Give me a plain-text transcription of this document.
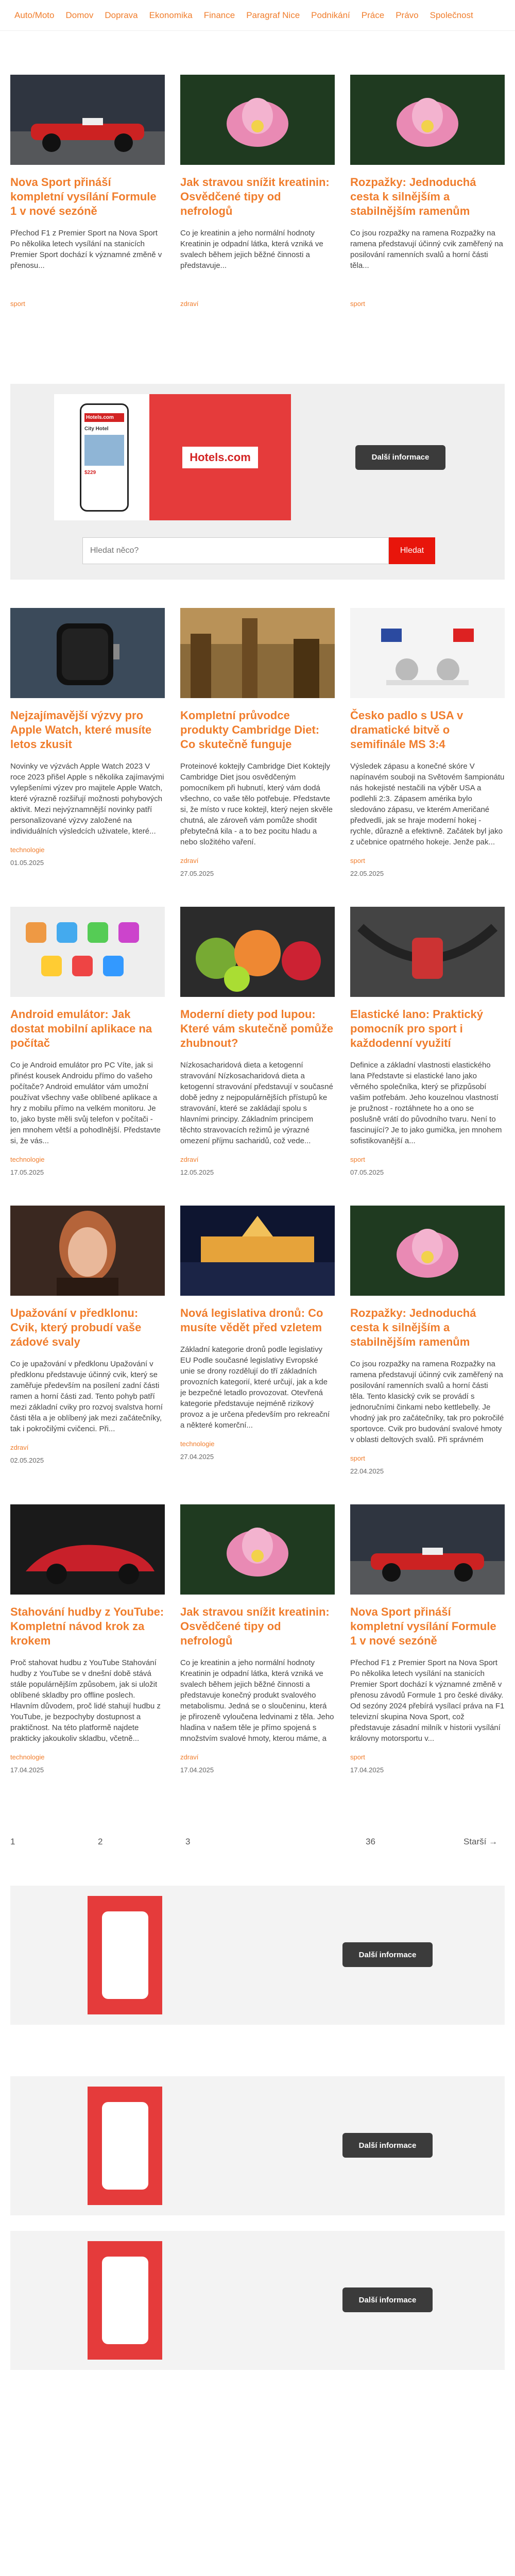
Auto/Moto Domov Doprava Ekonomika Finance Paragraf Nice Podnikání Práce Právo Společnost
Nova Sport přináší kompletní vysílání Formule 1 v nové sezóně

Přechod F1 z Premier Sport na Nova Sport Po několika letech vysílání na stanicích Premier Sport dochází k významné změně v přenosu...

sport
Jak stravou snížit kreatinin: Osvědčené tipy od nefrologů

Co je kreatinin a jeho normální hodnoty Kreatinin je odpadní látka, která vzniká ve svalech během jejich běžné činnosti a představuje...

zdraví
Rozpažky: Jednoduchá cesta k silnějším a stabilnějším ramenům

Co jsou rozpažky na ramena Rozpažky na ramena představují účinný cvik zaměřený na posilování ramenních svalů a horní části těla...

sport
Hotels.com
City Hotel
$229
Hotels.com	Další informace
Hledat něco?
Hledat
Nejzajímavější výzvy pro Apple Watch, které musíte letos zkusit

Novinky ve výzvách Apple Watch 2023 V roce 2023 přišel Apple s několika zajímavými vylepšeními výzev pro majitele Apple Watch, které výrazně rozšiřují možnosti pohybových aktivit. Mezi nejvýznamnější novinky patří personalizované výzvy založené na individuálních výsledcích uživatele, které...

technologie
01.05.2025
Kompletní průvodce produkty Cambridge Diet: Co skutečně funguje

Proteinové koktejly Cambridge Diet Koktejly Cambridge Diet jsou osvědčeným pomocníkem při hubnutí, který vám dodá všechno, co vaše tělo potřebuje. Představte si, že místo v ruce koktejl, který nejen skvěle chutná, ale zároveň vám pomůže shodit přebytečná kila - a to bez pocitu hladu a nebo složitého vaření.

zdraví
27.05.2025
Česko padlo s USA v dramatické bitvě o semifinále MS 3:4

Výsledek zápasu a konečné skóre V napínavém souboji na Světovém šampionátu nás hokejisté nestačili na výběr USA a podlehli 2:3. Zápasem amérika bylo sledováno zápasu, ve kterém Američané předvedli, jak se hraje moderní hokej - rychle, důrazně a efektivně. Začátek byl jako z učebnice opatrného hokeje. Jenže pak...

sport
22.05.2025
Android emulátor: Jak dostat mobilní aplikace na počítač

Co je Android emulátor pro PC Víte, jak si přinést kousek Androidu přímo do vašeho počítače? Android emulátor vám umožní používat všechny vaše oblíbené aplikace a hry z mobilu přímo na velkém monitoru. Je to, jako byste měli svůj telefon v počítači - jen mnohem větší a pohodlnější. Představte si, že vás...

technologie
17.05.2025
Moderní diety pod lupou: Které vám skutečně pomůže zhubnout?

Nízkosacharidová dieta a ketogenní stravování Nízkosacharidová dieta a ketogenní stravování představují v současné době jedny z nejpopulárnějších přístupů ke stravování, které se zakládají spolu s hlavními principy. Základním principem těchto stravovacích režimů je výrazné omezení příjmu sacharidů, což vede...

zdraví
12.05.2025
Elastické lano: Praktický pomocník pro sport i každodenní využití

Definice a základní vlastnosti elastického lana Představte si elastické lano jako věrného společníka, který se přizpůsobí vašim potřebám. Jeho kouzelnou vlastností je pružnost - roztáhnete ho a ono se poslušně vrátí do původního tvaru. Není to fascinující? Je to jako gumička, jen mnohem sofistikovanější a...

sport
07.05.2025
Upažování v předklonu: Cvik, který probudí vaše zádové svaly

Co je upažování v předklonu Upažování v předklonu představuje účinný cvik, který se zaměřuje především na posílení zadní části ramen a horní části zad. Tento pohyb patří mezi základní cviky pro rozvoj svalstva horní části těla a je oblíbený jak mezi začátečníky, tak i pokročilými cvičenci. Při...

zdraví
02.05.2025
Nová legislativa dronů: Co musíte vědět před vzletem

Základní kategorie dronů podle legislativy EU Podle současné legislativy Evropské unie se drony rozdělují do tří základních provozních kategorií, které určují, jak a kde je bezpečné letadlo provozovat. Otevřená kategorie představuje nejméně rizikový provoz a je určena především pro rekreační a některé komerční...

technologie
27.04.2025
Rozpažky: Jednoduchá cesta k silnějším a stabilnějším ramenům

Co jsou rozpažky na ramena Rozpažky na ramena představují účinný cvik zaměřený na posilování ramenních svalů a horní části těla. Tento klasický cvik se provádí s jednoručními činkami nebo kettlebelly. Je vhodný jak pro začátečníky, tak pro pokročilé sportovce. Cvik pro budování svalové hmoty v oblasti deltových svalů. Při správném

sport
22.04.2025
Stahování hudby z YouTube: Kompletní návod krok za krokem

Proč stahovat hudbu z YouTube Stahování hudby z YouTube se v dnešní době stává stále populárnějším způsobem, jak si uložit oblíbené skladby pro offline poslech. Hlavním důvodem, proč lidé stahují hudbu z YouTube, je bezpochyby dostupnost a praktičnost. Na této platformě najdete prakticky jakoukoliv skladbu, včetně...

technologie
17.04.2025
Jak stravou snížit kreatinin: Osvědčené tipy od nefrologů

Co je kreatinin a jeho normální hodnoty Kreatinin je odpadní látka, která vzniká ve svalech během jejich běžné činnosti a představuje konečný produkt svalového metabolismu. Jedná se o sloučeninu, která je přirozeně vyloučena ledvinami z těla. Jeho hladina v našem těle je přímo spojená s množstvím svalové hmoty, kterou máme, a

zdraví
17.04.2025
Nova Sport přináší kompletní vysílání Formule 1 v nové sezóně

Přechod F1 z Premier Sport na Nova Sport Po několika letech vysílání na stanicích Premier Sport dochází k významné změně v přenosu závodů Formule 1 pro české diváky. Od sezóny 2024 přebírá vysílací práva na F1 televizní skupina Nova Sport, což představuje zásadní milník v historii vysílání královny motorsportu v...

sport
17.04.2025
1	2	3	36	Starší →
Další informace
Další informace
Další informace
